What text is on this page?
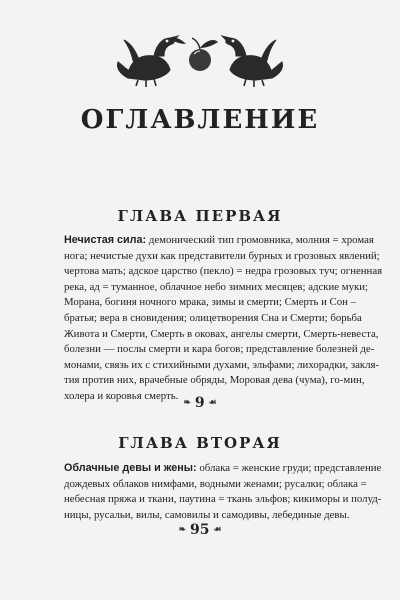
ОГЛАВЛЕНИЕ
ГЛАВА ПЕРВАЯ
Нечистая сила: демонический тип громовника, молния = хромая
нога; нечистые духи как представители бурных и грозовых явлений;
чертова мать; адское царство (пекло) = недра грозовых туч; огненная
река, ад = туманное, облачное небо зимних месяцев; адские муки;
Морана, богиня ночного мрака, зимы и смерти; Смерть и Сон –
братья; вера в сновидения; олицетворения Сна и Смерти; борьба
Живота и Смерти, Смерть в оковах, ангелы смерти, Смерть-невеста,
болезни — послы смерти и кара богов; представление болезней де-
монами, связь их с стихийными духами, эльфами; лихорадки, закля-
тия против них, врачебные обряды, Моровая дева (чума), го-мин,
холера и коровья смерть.
❧ 9 ☙
ГЛАВА ВТОРАЯ
Облачные девы и жены: облака = женские груди; представление
дождевых облаков нимфами, водными женами; русалки; облака =
небесная пряжа и ткани, паутина = ткань эльфов; кикиморы и полуд-
ницы, русальи, вилы, самовилы и самодивы, лебединые девы.
❧ 95 ☙
